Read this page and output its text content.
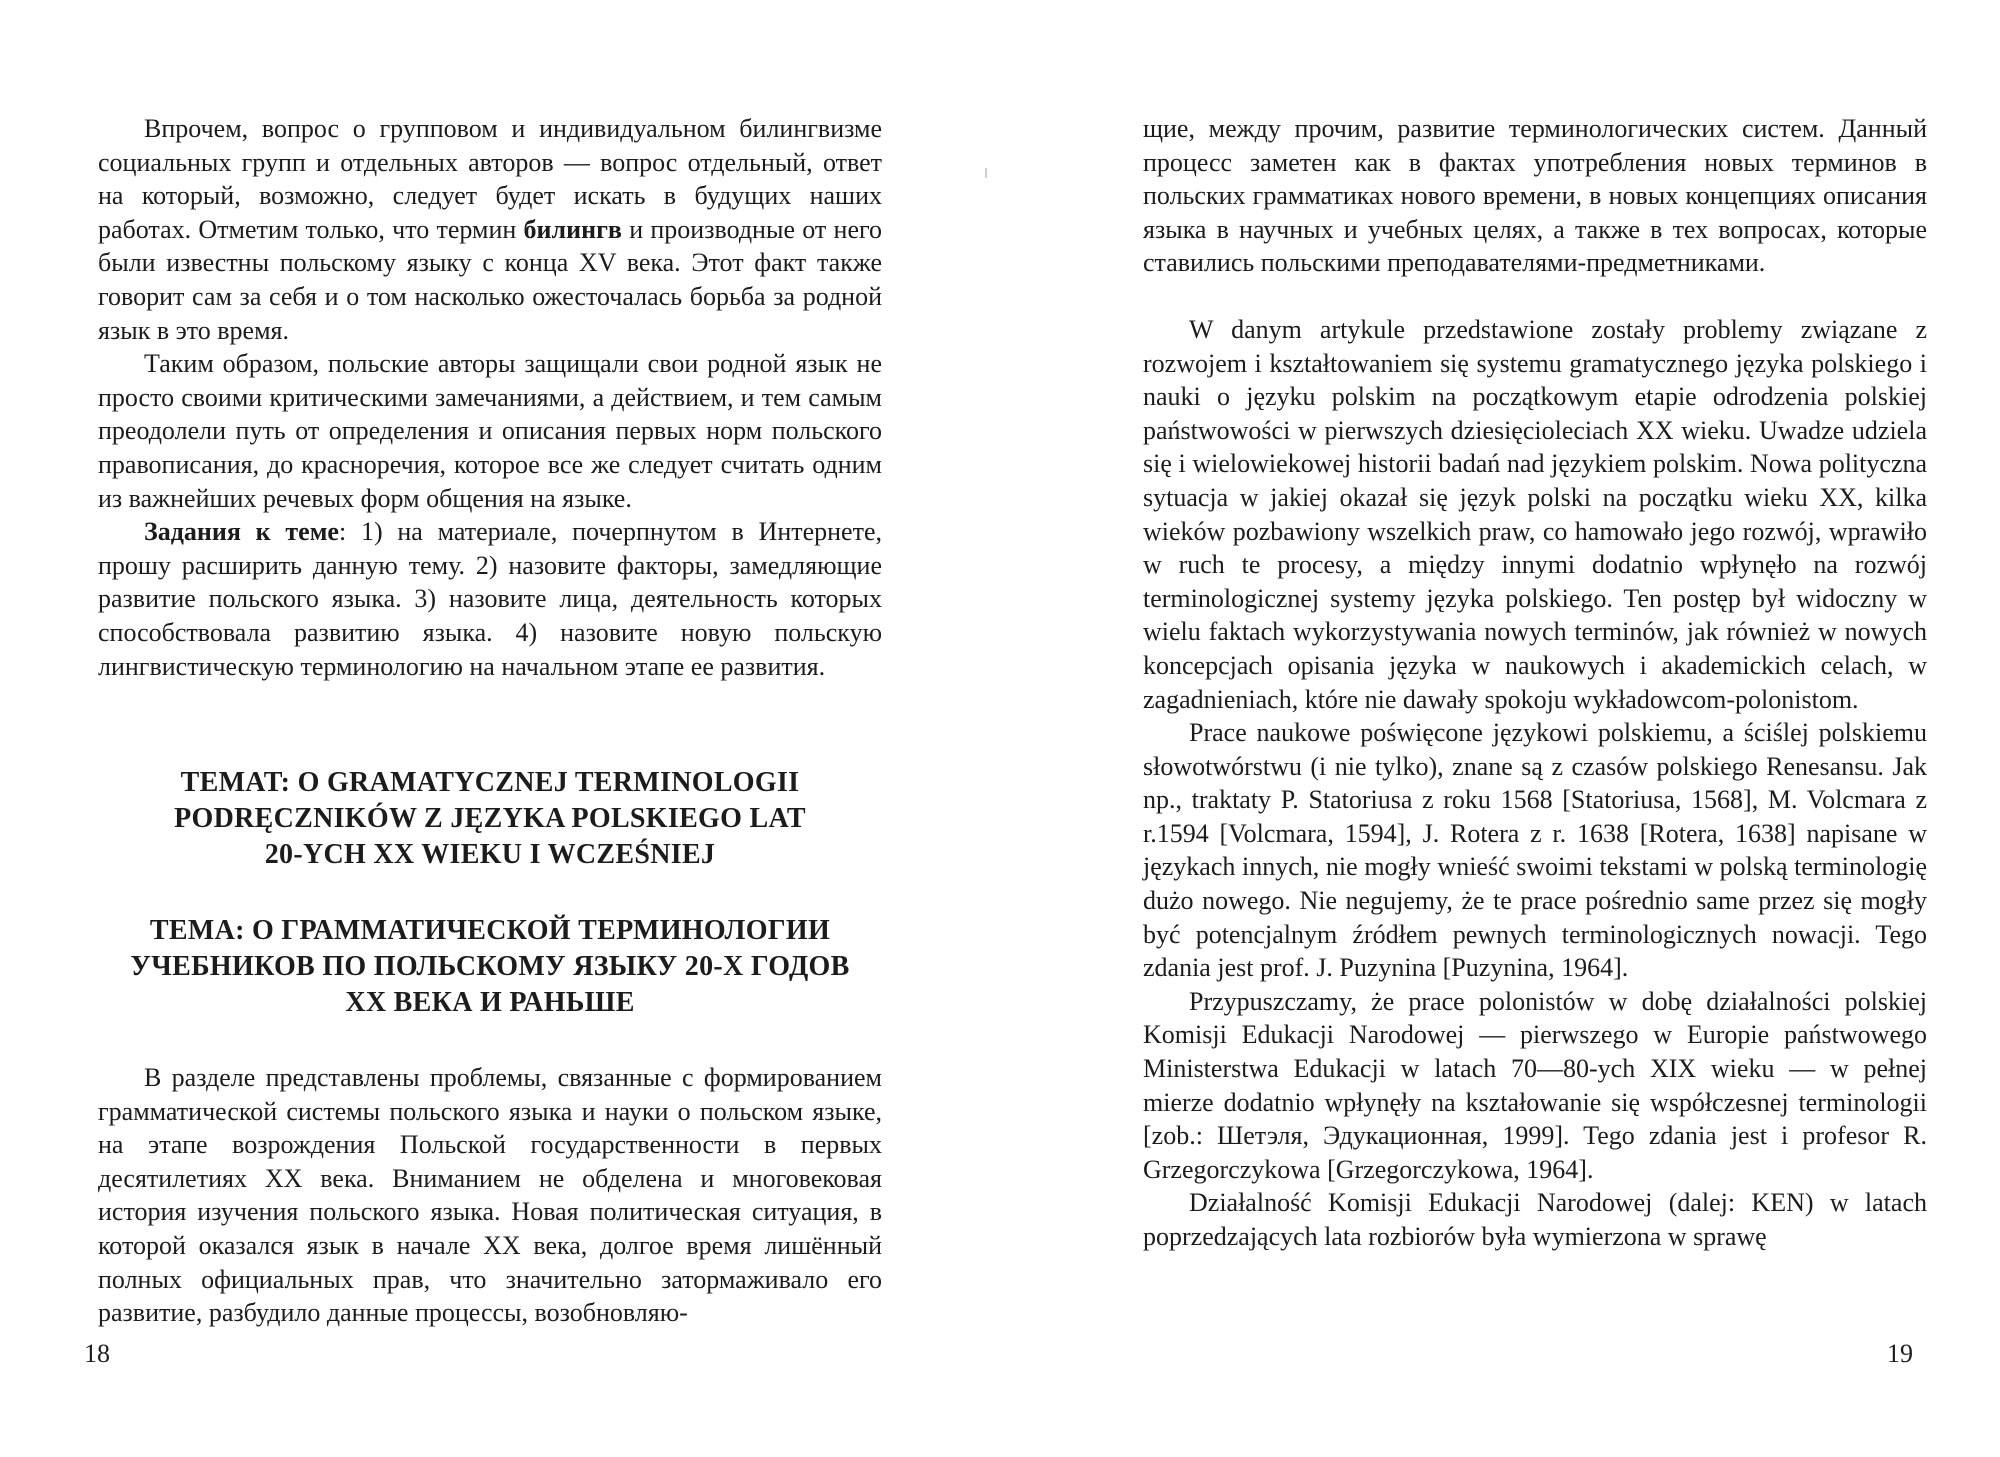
Впрочем, вопрос о групповом и индивидуальном билингвизме социальных групп и отдельных авторов — вопрос отдельный, ответ на который, возможно, следует будет искать в будущих наших работах. Отметим только, что термин билингв и производные от него были известны польскому языку с конца XV века. Этот факт также говорит сам за себя и о том насколько ожесточалась борьба за родной язык в это время.

Таким образом, польские авторы защищали свои родной язык не просто своими критическими замечаниями, а действием, и тем самым преодолели путь от определения и описания первых норм польского правописания, до красноречия, которое все же следует считать одним из важнейших речевых форм общения на языке.

Задания к теме: 1) на материале, почерпнутом в Интернете, прошу расширить данную тему. 2) назовите факторы, замедляющие развитие польского языка. 3) назовите лица, деятельность которых способствовала развитию языка. 4) назовите новую польскую лингвистическую терминологию на начальном этапе ее развития.

TEMAT: O GRAMATYCZNEJ TERMINOLOGII
PODRĘCZNIKÓW Z JĘZYKA POLSKIEGO LAT
20-YCH XX WIEKU I WCZEŚNIEJ
ТЕМА: О ГРАММАТИЧЕСКОЙ ТЕРМИНОЛОГИИ
УЧЕБНИКОВ ПО ПОЛЬСКОМУ ЯЗЫКУ 20-Х ГОДОВ
XX ВЕКА И РАНЬШЕ

В разделе представлены проблемы, связанные с формированием грамматической системы польского языка и науки о польском языке, на этапе возрождения Польской государственности в первых десятилетиях XX века. Вниманием не обделена и многовековая история изучения польского языка. Новая политическая ситуация, в которой оказался язык в начале XX века, долгое время лишённый полных официальных прав, что значительно затормаживало его развитие, разбудило данные процессы, возобновляю-

18

щие, между прочим, развитие терминологических систем. Данный процесс заметен как в фактах употребления новых терминов в польских грамматиках нового времени, в новых концепциях описания языка в научных и учебных целях, а также в тех вопросах, которые ставились польскими преподавателями-предметниками.

W danym artykule przedstawione zostały problemy związane z rozwojem i kształtowaniem się systemu gramatycznego języka polskiego i nauki o języku polskim na początkowym etapie odrodzenia polskiej państwowości w pierwszych dziesięcioleciach XX wieku. Uwadze udziela się i wielowiekowej historii badań nad językiem polskim. Nowa polityczna sytuacja w jakiej okazał się język polski na początku wieku XX, kilka wieków pozbawiony wszelkich praw, co hamowało jego rozwój, wprawiło w ruch te procesy, a między innymi dodatnio wpłynęło na rozwój terminologicznej systemy języka polskiego. Ten postęp był widoczny w wielu faktach wykorzystywania nowych terminów, jak również w nowych koncepcjach opisania języka w naukowych i akademickich celach, w zagadnieniach, które nie dawały spokoju wykładowcom-polonistom.

Prace naukowe poświęcone językowi polskiemu, a ściślej polskiemu słowotwórstwu (i nie tylko), znane są z czasów polskiego Renesansu. Jak np., traktaty P. Statoriusa z roku 1568 [Statoriusa, 1568], M. Volcmara z r.1594 [Volcmara, 1594], J. Rotera z r. 1638 [Rotera, 1638] napisane w językach innych, nie mogły wnieść swoimi tekstami w polską terminologię dużo nowego. Nie negujemy, że te prace pośrednio same przez się mogły być potencjalnym źródłem pewnych terminologicznych nowacji. Tego zdania jest prof. J. Puzynina [Puzynina, 1964].

Przypuszczamy, że prace polonistów w dobę działalności polskiej Komisji Edukacji Narodowej — pierwszego w Europie państwowego Ministerstwa Edukacji w latach 70—80-ych XIX wieku — w pełnej mierze dodatnio wpłynęły na kształowanie się współczesnej terminologii [zob.: Шетэля, Эдукационная, 1999]. Tego zdania jest i profesor R. Grzegorczykowa [Grzegorczykowa, 1964].

Działalność Komisji Edukacji Narodowej (dalej: KEN) w latach poprzedzających lata rozbiorów była wymierzona w sprawę

19
